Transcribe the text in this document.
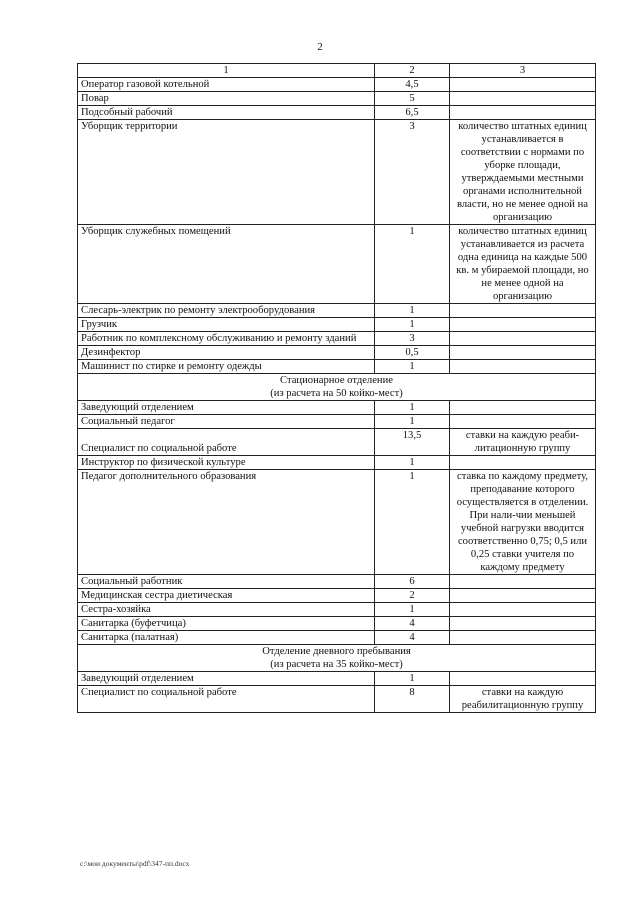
2
1	2	3
Оператор газовой котельной	4,5	
Повар	5	
Подсобный рабочий	6,5	
Уборщик территории	3	количество штатных единиц устанавливается в соответствии с нормами по уборке площади, утверждаемыми местными органами исполнительной власти, но не менее одной на организацию
Уборщик служебных помещений	1	количество штатных единиц устанавливается из расчета одна единица на каждые 500 кв. м убираемой площади, но не менее одной на организацию
Слесарь-электрик по ремонту электрооборудования	1	
Грузчик	1	
Работник по комплексному обслуживанию и ремонту зданий	3	
Дезинфектор	0,5	
Машинист по стирке и ремонту одежды	1	

Стационарное отделение
(из расчета на 50 койко-мест)		

Заведующий отделением	1	
Социальный педагог	1	
Специалист по социальной работе	13,5	ставки на каждую реаби-литационную группу
Инструктор по физической культуре	1	
Педагог дополнительного образования	1	ставка по каждому предмету, преподавание которого осуществляется в отделении. При нали-чии меньшей учебной нагрузки вводится соответственно 0,75; 0,5 или 0,25 ставки учителя по каждому предмету
Социальный работник	6	
Медицинская сестра диетическая	2	
Сестра-хозяйка	1	
Санитарка (буфетчица)	4	
Санитарка (палатная)	4	

Отделение дневного пребывания
(из расчета на 35 койко-мест)		

Заведующий отделением	1	
Специалист по социальной работе	8	ставки на каждую реабилитационную группу
c:\мои документы\pdf\347-пп.docx
